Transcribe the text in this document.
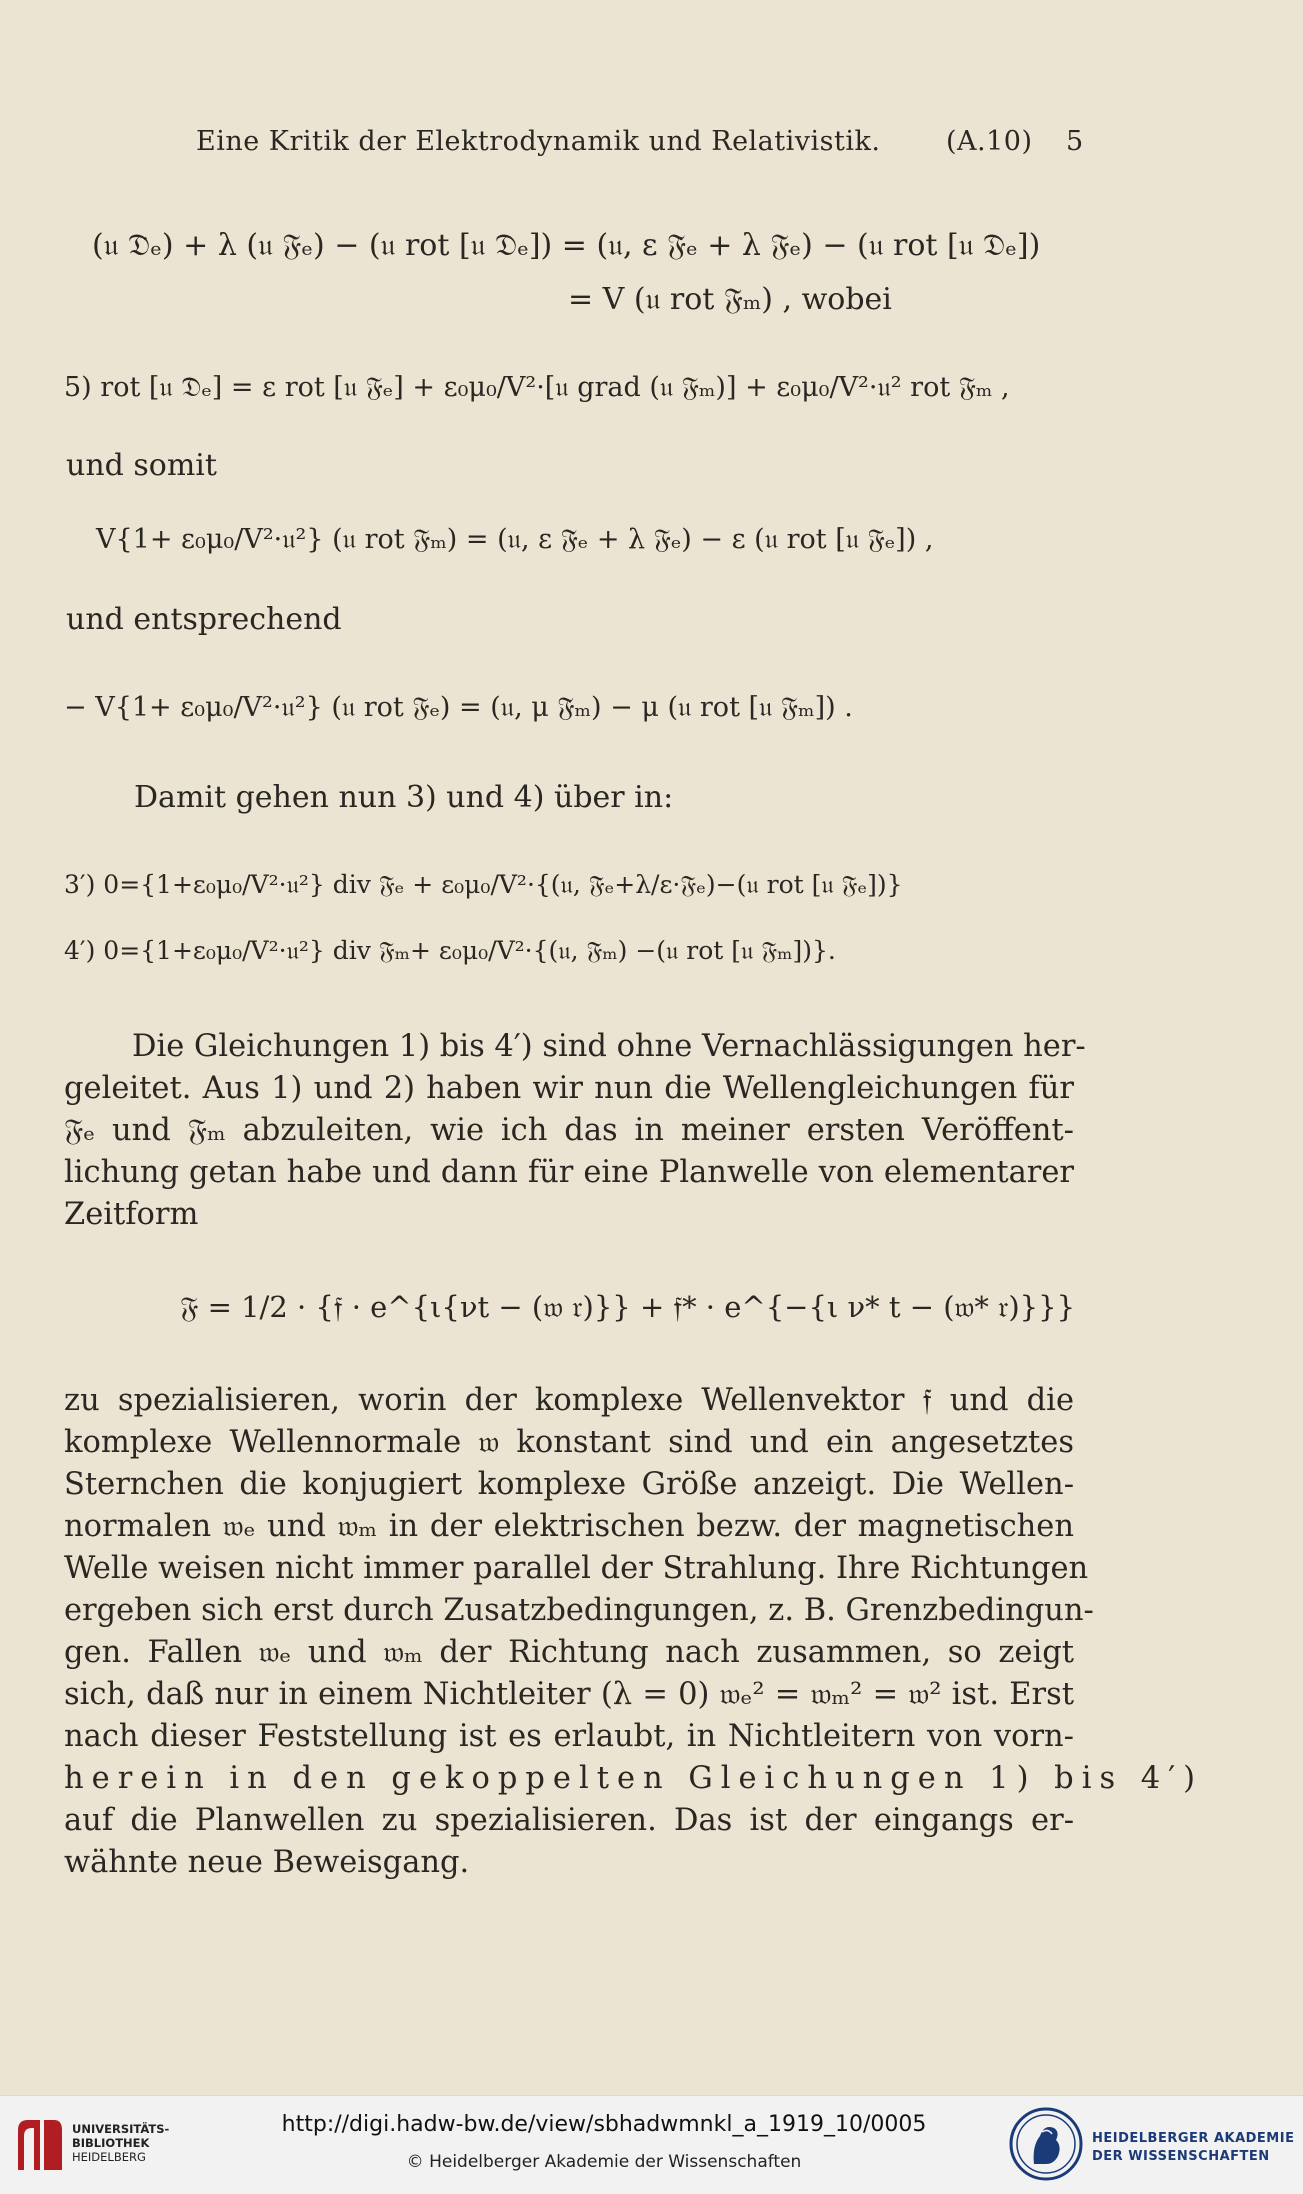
Eine Kritik der Elektrodynamik und Relativistik. (A.10) 5
(𝔲 𝔇̇ₑ) + λ (𝔲 𝔉ₑ) − (𝔲 rot [𝔲 𝔇ₑ]) = (𝔲, ε 𝔉̇ₑ + λ 𝔉ₑ) − (𝔲 rot [𝔲 𝔇ₑ])
= V (𝔲 rot 𝔉ₘ) , wobei
5) rot [𝔲 𝔇ₑ] = ε rot [𝔲 𝔉ₑ] + ε₀μ₀/V²·[𝔲 grad (𝔲 𝔉ₘ)] + ε₀μ₀/V²·𝔲² rot 𝔉ₘ ,
und somit
V{1+ ε₀μ₀/V²·𝔲²} (𝔲 rot 𝔉ₘ) = (𝔲, ε 𝔉̇ₑ + λ 𝔉ₑ) − ε (𝔲 rot [𝔲 𝔉ₑ]) ,
und entsprechend
− V{1+ ε₀μ₀/V²·𝔲²} (𝔲 rot 𝔉ₑ) = (𝔲, μ 𝔉̇ₘ) − μ (𝔲 rot [𝔲 𝔉ₘ]) .
Damit gehen nun 3) und 4) über in:
3′) 0={1+ε₀μ₀/V²·𝔲²} div 𝔉ₑ + ε₀μ₀/V²·{(𝔲, 𝔉̇ₑ+λ/ε·𝔉ₑ)−(𝔲 rot [𝔲 𝔉ₑ])}
4′) 0={1+ε₀μ₀/V²·𝔲²} div 𝔉ₘ+ ε₀μ₀/V²·{(𝔲, 𝔉̇ₘ) −(𝔲 rot [𝔲 𝔉ₘ])}.
Die Gleichungen 1) bis 4′) sind ohne Vernachlässigungen her-
geleitet. Aus 1) und 2) haben wir nun die Wellengleichungen für
𝔉ₑ und 𝔉ₘ abzuleiten, wie ich das in meiner ersten Veröffent-
lichung getan habe und dann für eine Planwelle von elementarer
Zeitform
𝔉 = 1/2 · {𝔣 · e^{ι{νt − (𝔴 𝔯)}} + 𝔣* · e^{−{ι ν* t − (𝔴* 𝔯)}}}
zu spezialisieren, worin der komplexe Wellenvektor 𝔣 und die
komplexe Wellennormale 𝔴 konstant sind und ein angesetztes
Sternchen die konjugiert komplexe Größe anzeigt. Die Wellen-
normalen 𝔴ₑ und 𝔴ₘ in der elektrischen bezw. der magnetischen
Welle weisen nicht immer parallel der Strahlung. Ihre Richtungen
ergeben sich erst durch Zusatzbedingungen, z. B. Grenzbedingun-
gen. Fallen 𝔴ₑ und 𝔴ₘ der Richtung nach zusammen, so zeigt
sich, daß nur in einem Nichtleiter (λ = 0) 𝔴ₑ² = 𝔴ₘ² = 𝔴² ist. Erst
nach dieser Feststellung ist es erlaubt, in Nichtleitern von vorn-
herein in den gekoppelten Gleichungen 1) bis 4′)
auf die Planwellen zu spezialisieren. Das ist der eingangs er-
wähnte neue Beweisgang.
UNIVERSITÄTS-
BIBLIOTHEK
HEIDELBERG
http://digi.hadw-bw.de/view/sbhadwmnkl_a_1919_10/0005
© Heidelberger Akademie der Wissenschaften
HEIDELBERGER AKADEMIE
DER WISSENSCHAFTEN
